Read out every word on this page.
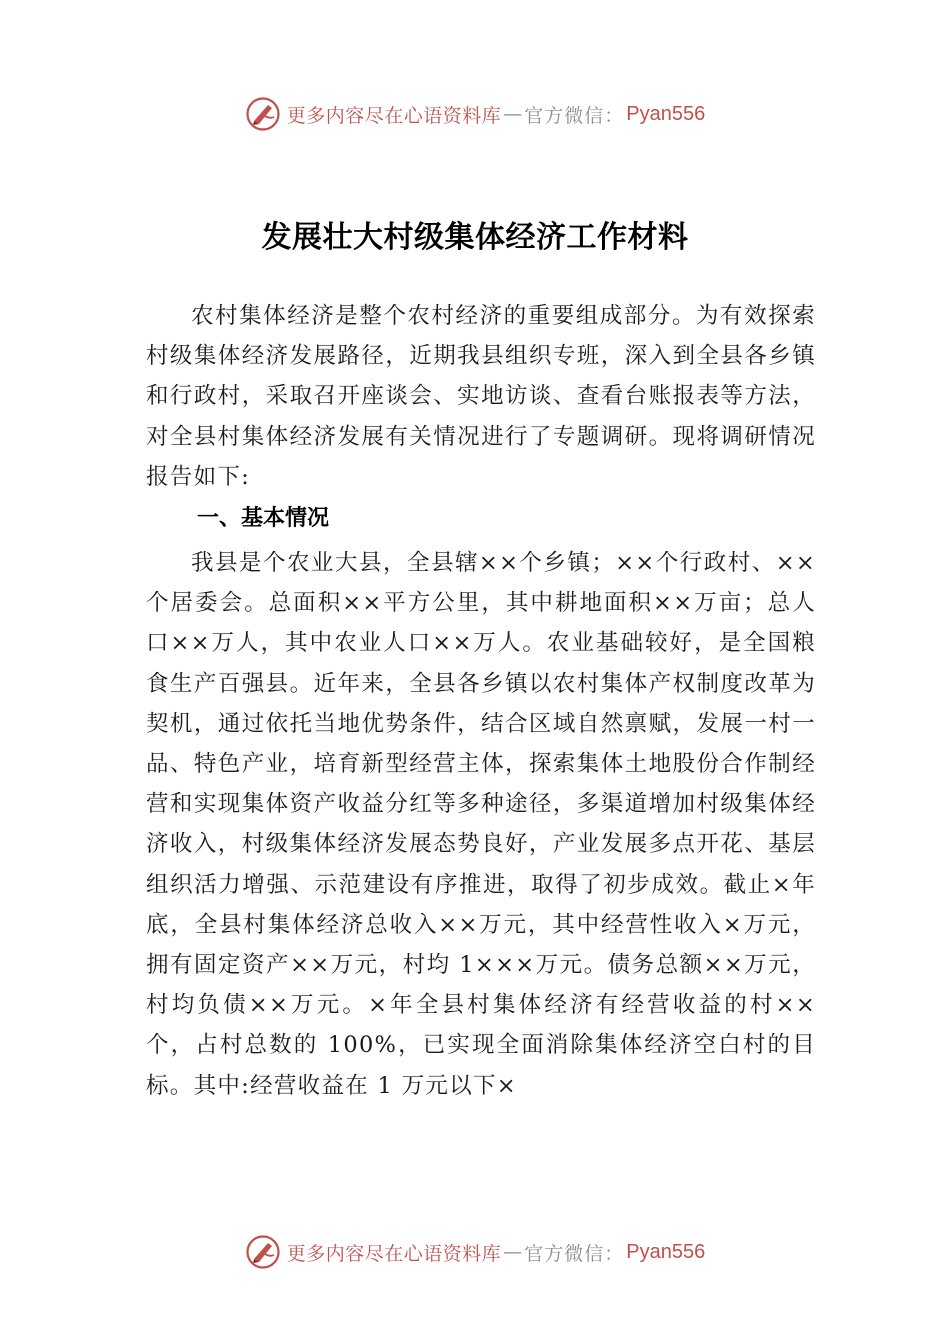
更多内容尽在心语资料库 — 官方微信： Pyan556
发展壮大村级集体经济工作材料

农村集体经济是整个农村经济的重要组成部分。为有效探索村级集体经济发展路径，近期我县组织专班，深入到全县各乡镇和行政村，采取召开座谈会、实地访谈、查看台账报表等方法，对全县村集体经济发展有关情况进行了专题调研。现将调研情况报告如下:

一、基本情况

我县是个农业大县，全县辖××个乡镇；××个行政村、××个居委会。总面积××平方公里，其中耕地面积××万亩；总人口××万人，其中农业人口××万人。农业基础较好，是全国粮食生产百强县。近年来，全县各乡镇以农村集体产权制度改革为契机，通过依托当地优势条件，结合区域自然禀赋，发展一村一品、特色产业，培育新型经营主体，探索集体土地股份合作制经营和实现集体资产收益分红等多种途径，多渠道增加村级集体经济收入，村级集体经济发展态势良好，产业发展多点开花、基层组织活力增强、示范建设有序推进，取得了初步成效。截止×年底，全县村集体经济总收入××万元，其中经营性收入×万元，拥有固定资产××万元，村均 1×××万元。债务总额××万元，村均负债××万元。×年全县村集体经济有经营收益的村××个，占村总数的 100%，已实现全面消除集体经济空白村的目标。其中:经营收益在 1 万元以下×

更多内容尽在心语资料库 — 官方微信： Pyan556
